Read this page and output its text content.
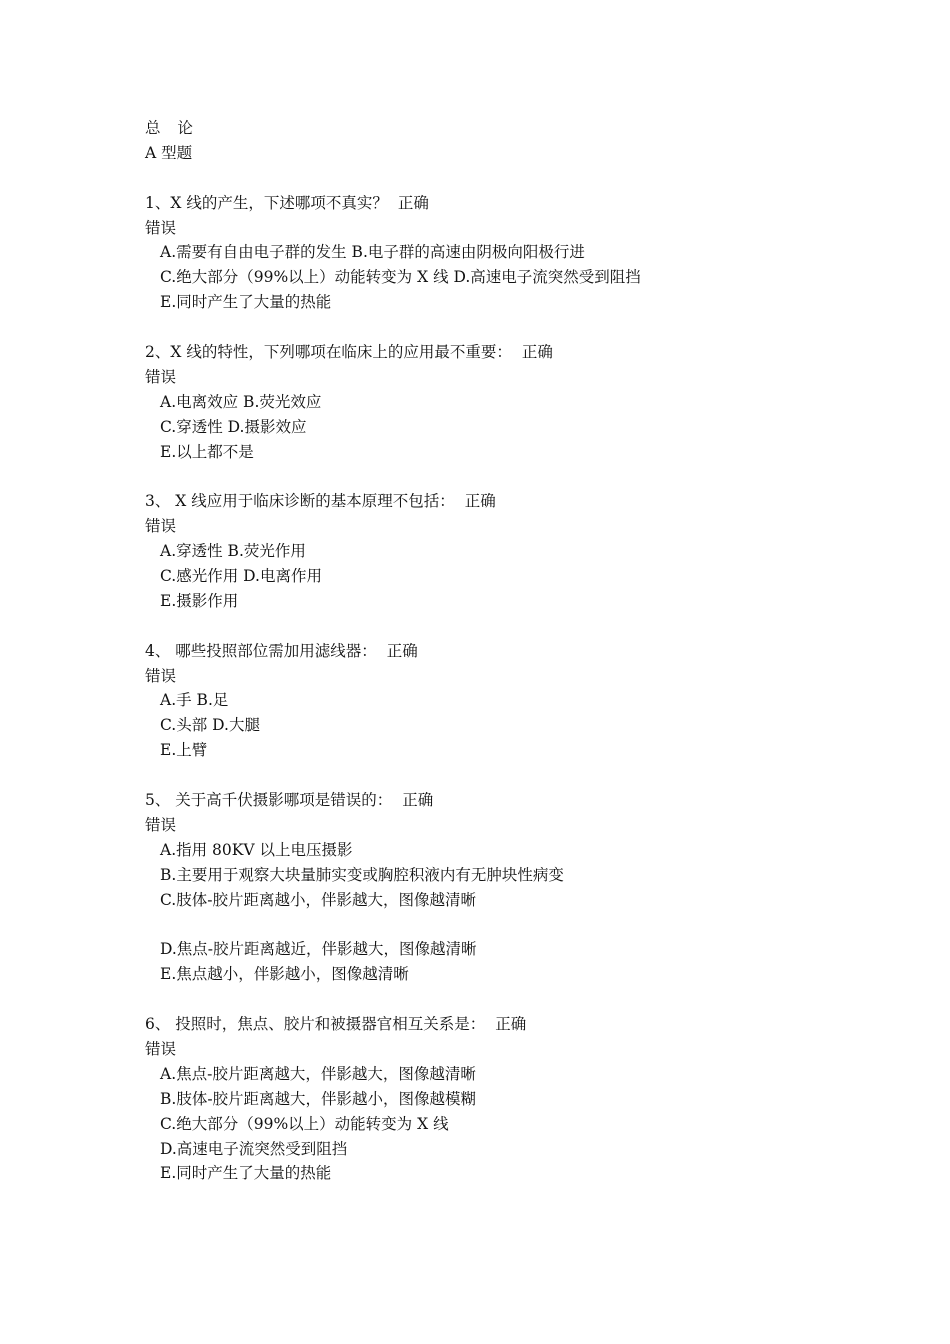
总 论
A 型题
1、X 线的产生，下述哪项不真实？ 正确
错误
A.需要有自由电子群的发生 B.电子群的高速由阴极向阳极行进
C.绝大部分（99%以上）动能转变为 X 线 D.高速电子流突然受到阻挡
E.同时产生了大量的热能
2、X 线的特性，下列哪项在临床上的应用最不重要： 正确
错误
A.电离效应 B.荧光效应
C.穿透性 D.摄影效应
E.以上都不是
3、 X 线应用于临床诊断的基本原理不包括： 正确
错误
A.穿透性 B.荧光作用
C.感光作用 D.电离作用
E.摄影作用
4、 哪些投照部位需加用滤线器： 正确
错误
A.手 B.足
C.头部 D.大腿
E.上臂
5、 关于高千伏摄影哪项是错误的： 正确
错误
A.指用 80KV 以上电压摄影
B.主要用于观察大块量肺实变或胸腔积液内有无肿块性病变
C.肢体-胶片距离越小，伴影越大，图像越清晰
D.焦点-胶片距离越近，伴影越大，图像越清晰
E.焦点越小，伴影越小，图像越清晰
6、 投照时，焦点、胶片和被摄器官相互关系是： 正确
错误
A.焦点-胶片距离越大，伴影越大，图像越清晰
B.肢体-胶片距离越大，伴影越小，图像越模糊
C.绝大部分（99%以上）动能转变为 X 线
D.高速电子流突然受到阻挡
E.同时产生了大量的热能
